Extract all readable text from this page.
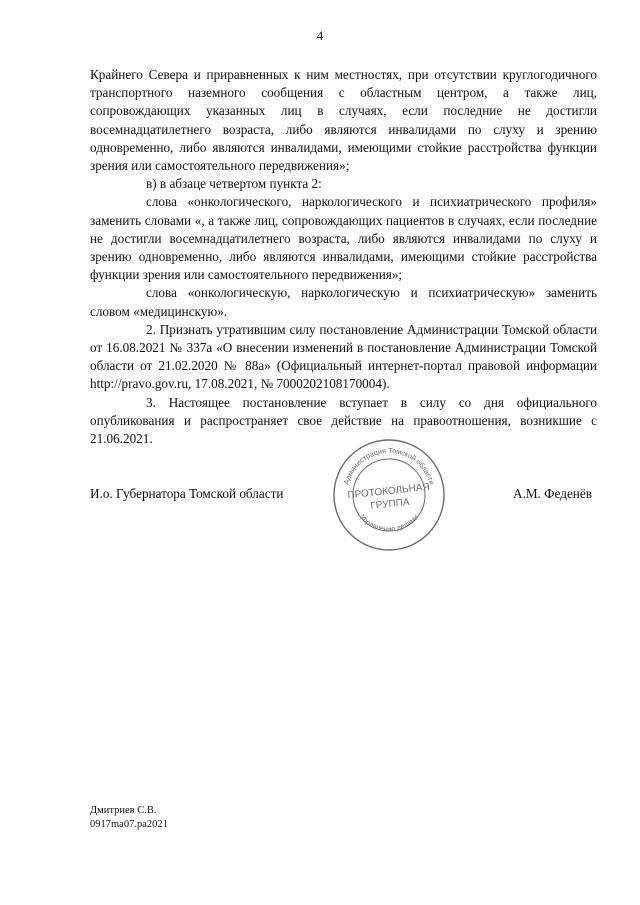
4

Крайнего Севера и приравненных к ним местностях, при отсутствии круглогодичного транспортного наземного сообщения с областным центром, а также лиц, сопровождающих указанных лиц в случаях, если последние не достигли восемнадцатилетнего возраста, либо являются инвалидами по слуху и зрению одновременно, либо являются инвалидами, имеющими стойкие расстройства функции зрения или самостоятельного передвижения»;

в) в абзаце четвертом пункта 2:

слова «онкологического, наркологического и психиатрического профиля» заменить словами «, а также лиц, сопровождающих пациентов в случаях, если последние не достигли восемнадцатилетнего возраста, либо являются инвалидами по слуху и зрению одновременно, либо являются инвалидами, имеющими стойкие расстройства функции зрения или самостоятельного передвижения»;

слова «онкологическую, наркологическую и психиатрическую» заменить словом «медицинскую».

2. Признать утратившим силу постановление Администрации Томской области от 16.08.2021 № 337а «О внесении изменений в постановление Администрации Томской области от 21.02.2020 № 88а» (Официальный интернет-портал правовой информации http://pravo.gov.ru, 17.08.2021, № 7000202108170004).

3. Настоящее постановление вступает в силу со дня официального опубликования и распространяет свое действие на правоотношения, возникшие с 21.06.2021.

И.о. Губернатора Томской области	А.М. Феденёв
Администрация Томской области
Управление делами
ПРОТОКОЛЬНАЯ
ГРУППА
Дмитриев С.В.
0917ma07.pa2021
